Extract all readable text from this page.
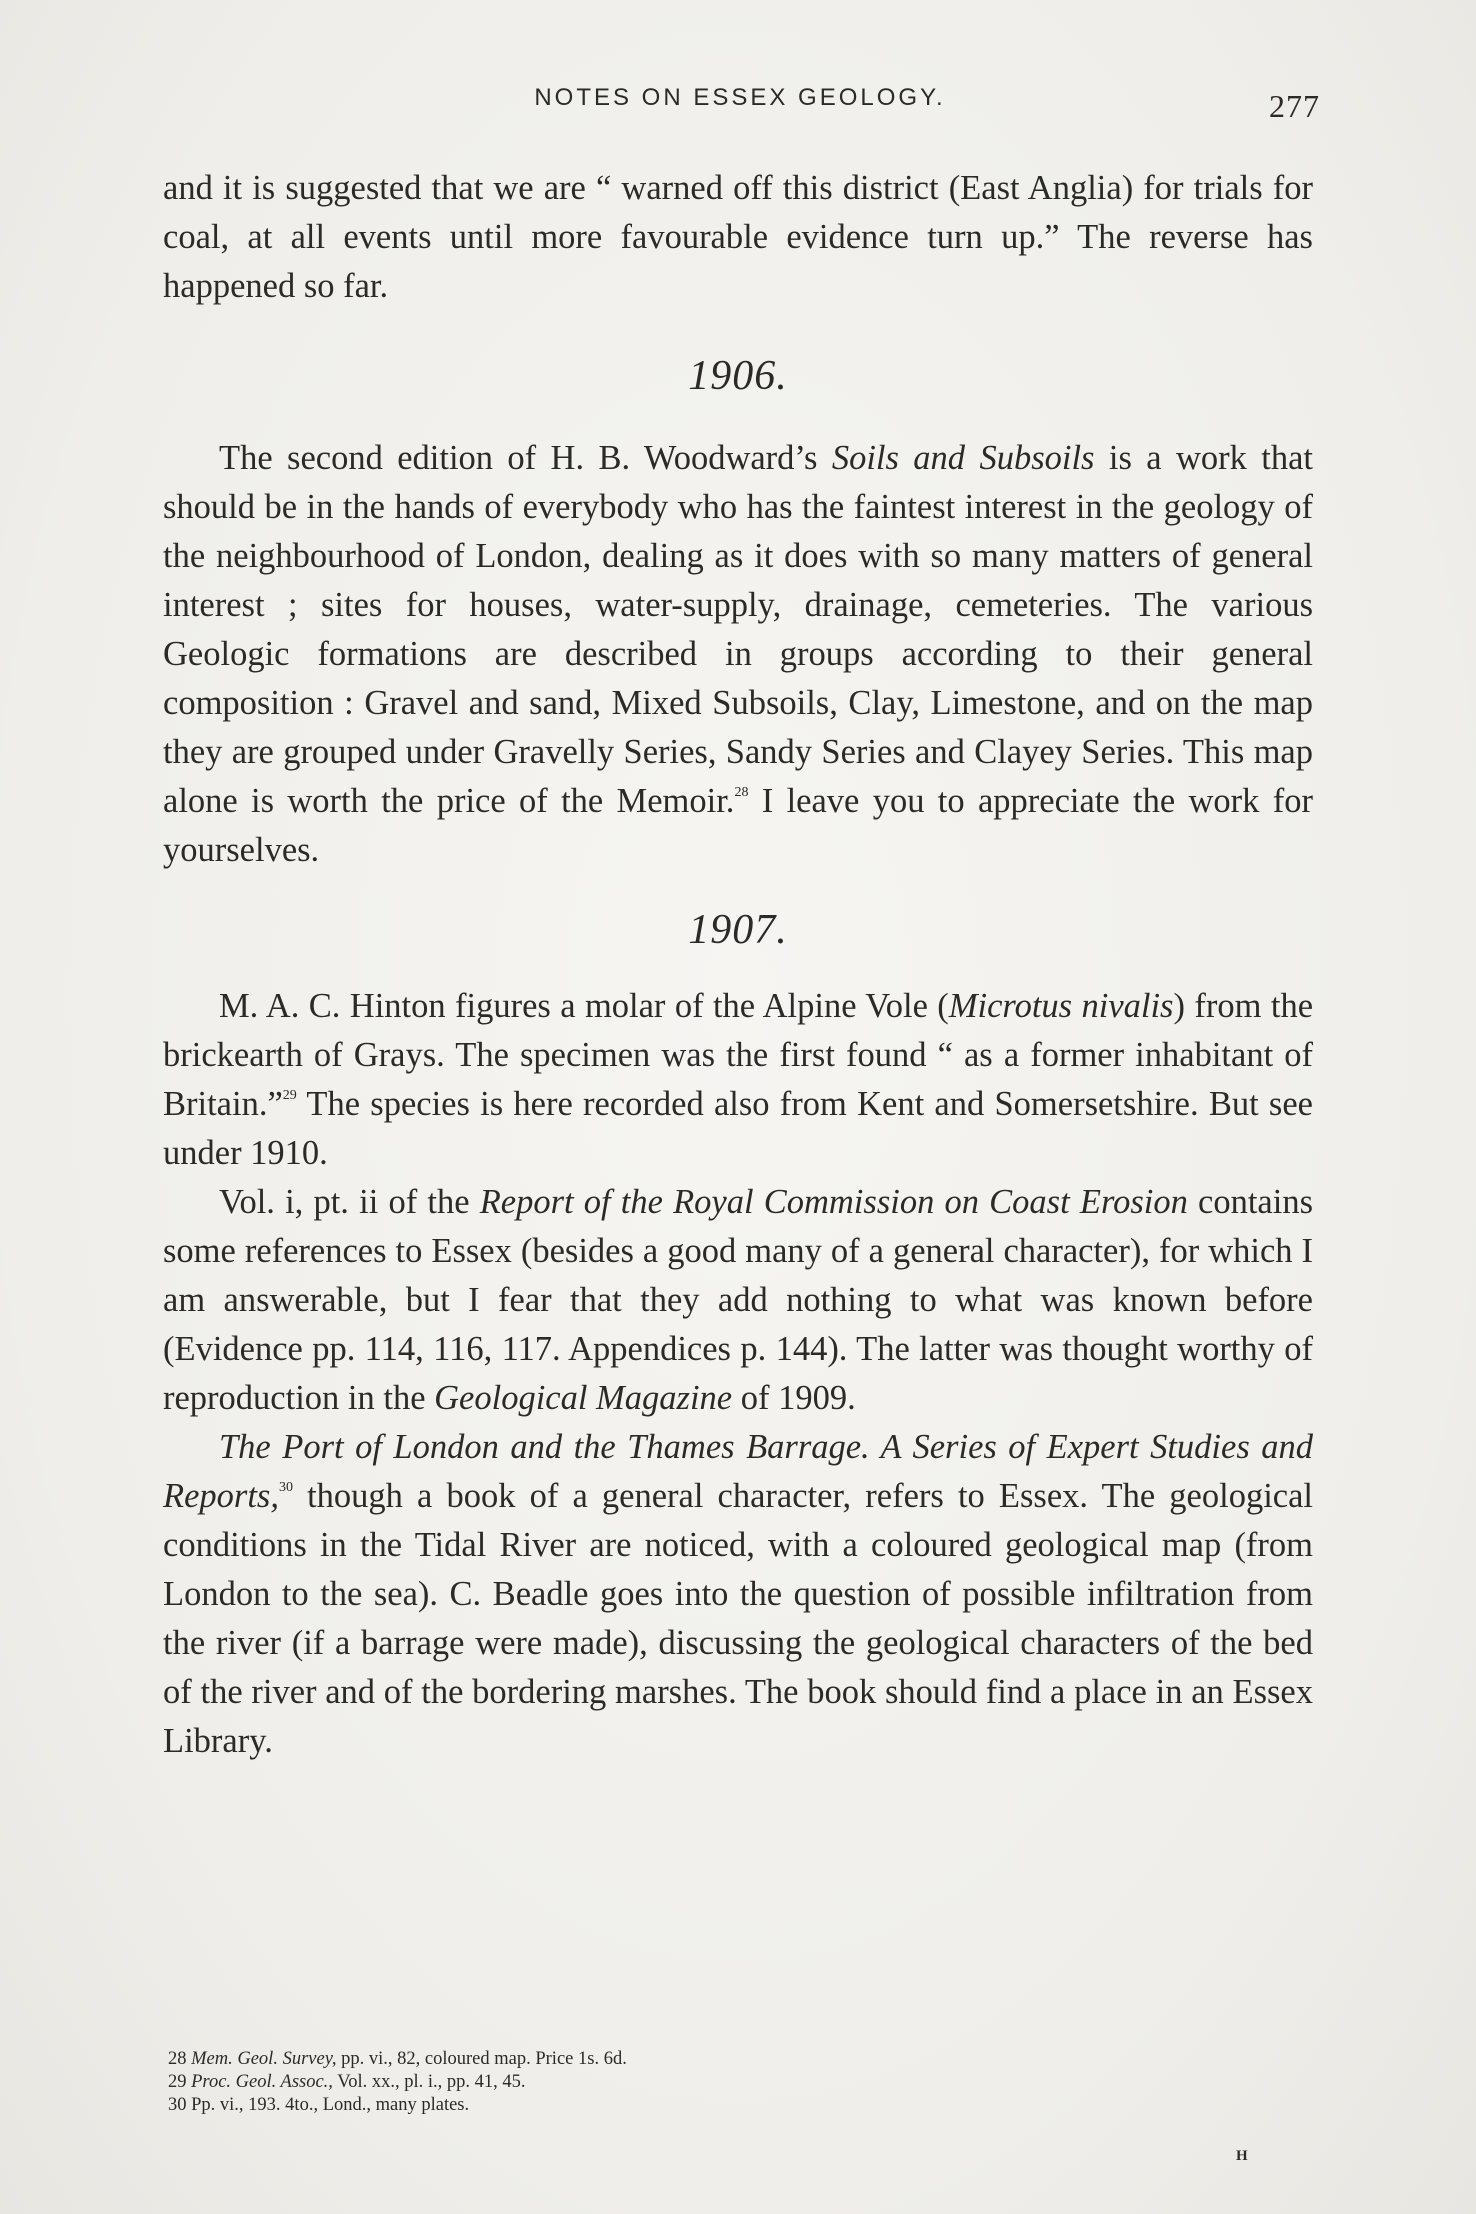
NOTES ON ESSEX GEOLOGY.	277

and it is suggested that we are “ warned off this district (East Anglia) for trials for coal, at all events until more favourable evidence turn up.” The reverse has happened so far.

1906.

The second edition of H. B. Woodward’s Soils and Subsoils is a work that should be in the hands of everybody who has the faintest interest in the geology of the neighbourhood of London, dealing as it does with so many matters of general interest ; sites for houses, water-supply, drainage, cemeteries. The various Geologic formations are described in groups according to their general composition : Gravel and sand, Mixed Subsoils, Clay, Limestone, and on the map they are grouped under Gravelly Series, Sandy Series and Clayey Series. This map alone is worth the price of the Memoir.$^{28}$ I leave you to appreciate the work for yourselves.

1907.

M. A. C. Hinton figures a molar of the Alpine Vole (Microtus nivalis) from the brickearth of Grays. The specimen was the first found “ as a former inhabitant of Britain.”$^{29}$ The species is here recorded also from Kent and Somersetshire. But see under 1910.

Vol. i, pt. ii of the Report of the Royal Commission on Coast Erosion contains some references to Essex (besides a good many of a general character), for which I am answerable, but I fear that they add nothing to what was known before (Evidence pp. 114, 116, 117. Appendices p. 144). The latter was thought worthy of reproduction in the Geological Magazine of 1909.

The Port of London and the Thames Barrage. A Series of Expert Studies and Reports,$^{30}$ though a book of a general character, refers to Essex. The geological conditions in the Tidal River are noticed, with a coloured geological map (from London to the sea). C. Beadle goes into the question of possible infiltration from the river (if a barrage were made), discussing the geological characters of the bed of the river and of the bordering marshes. The book should find a place in an Essex Library.

28 Mem. Geol. Survey, pp. vi., 82, coloured map. Price 1s. 6d.

29 Proc. Geol. Assoc., Vol. xx., pl. i., pp. 41, 45.

30 Pp. vi., 193. 4to., Lond., many plates.

H
